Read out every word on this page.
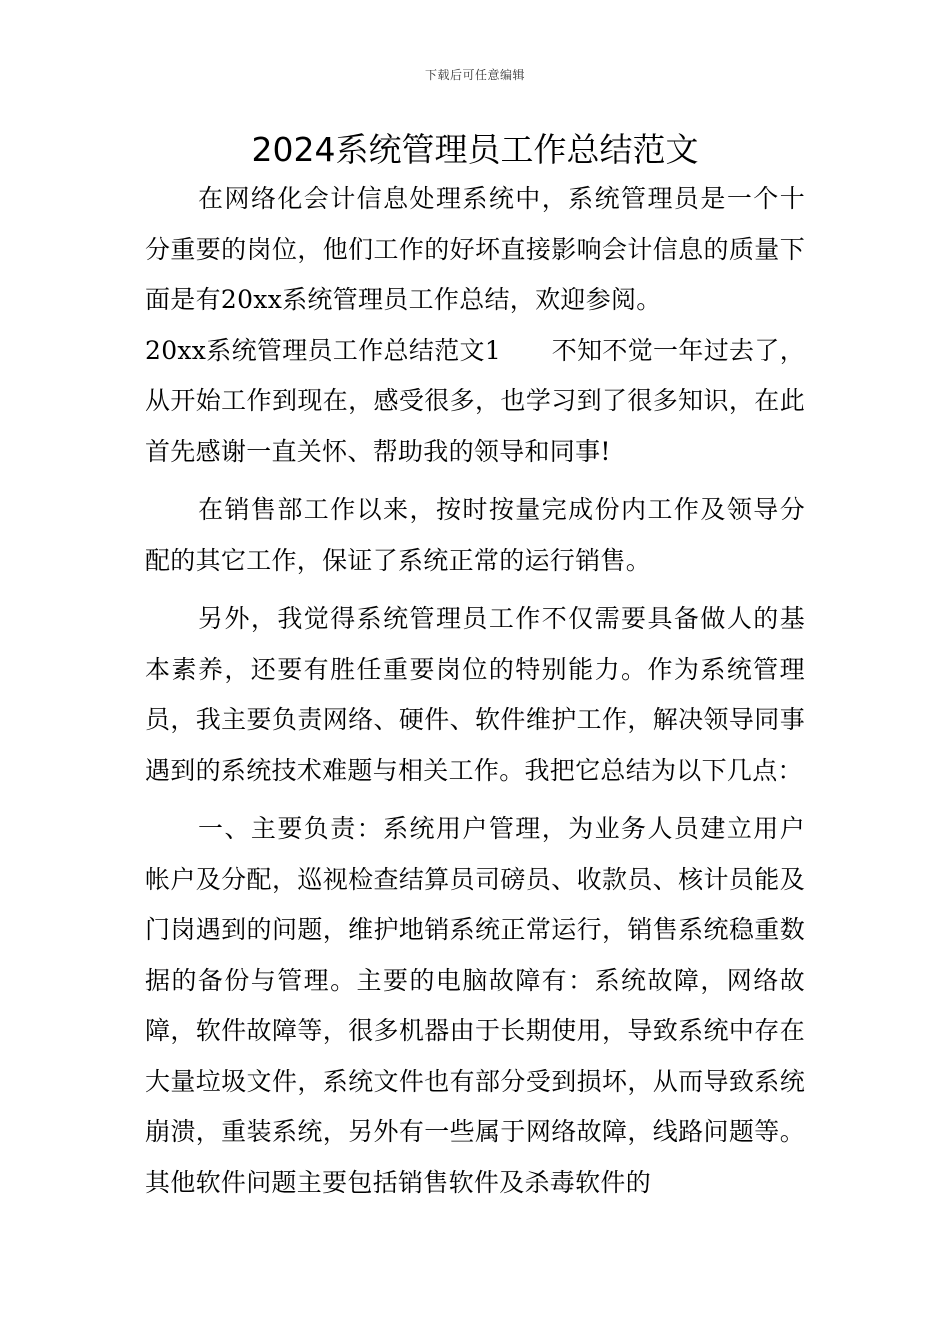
下载后可任意编辑
2024系统管理员工作总结范文

在网络化会计信息处理系统中，系统管理员是一个十分重要的岗位，他们工作的好坏直接影响会计信息的质量下面是有20xx系统管理员工作总结，欢迎参阅。

20xx系统管理员工作总结范文1　　不知不觉一年过去了，从开始工作到现在，感受很多，也学习到了很多知识，在此首先感谢一直关怀、帮助我的领导和同事!

在销售部工作以来，按时按量完成份内工作及领导分配的其它工作，保证了系统正常的运行销售。

另外，我觉得系统管理员工作不仅需要具备做人的基本素养，还要有胜任重要岗位的特别能力。作为系统管理员，我主要负责网络、硬件、软件维护工作，解决领导同事遇到的系统技术难题与相关工作。我把它总结为以下几点：

一、主要负责：系统用户管理，为业务人员建立用户帐户及分配，巡视检查结算员司磅员、收款员、核计员能及门岗遇到的问题，维护地销系统正常运行，销售系统稳重数据的备份与管理。主要的电脑故障有：系统故障，网络故障，软件故障等，很多机器由于长期使用，导致系统中存在大量垃圾文件，系统文件也有部分受到损坏，从而导致系统崩溃，重装系统，另外有一些属于网络故障，线路问题等。其他软件问题主要包括销售软件及杀毒软件的
